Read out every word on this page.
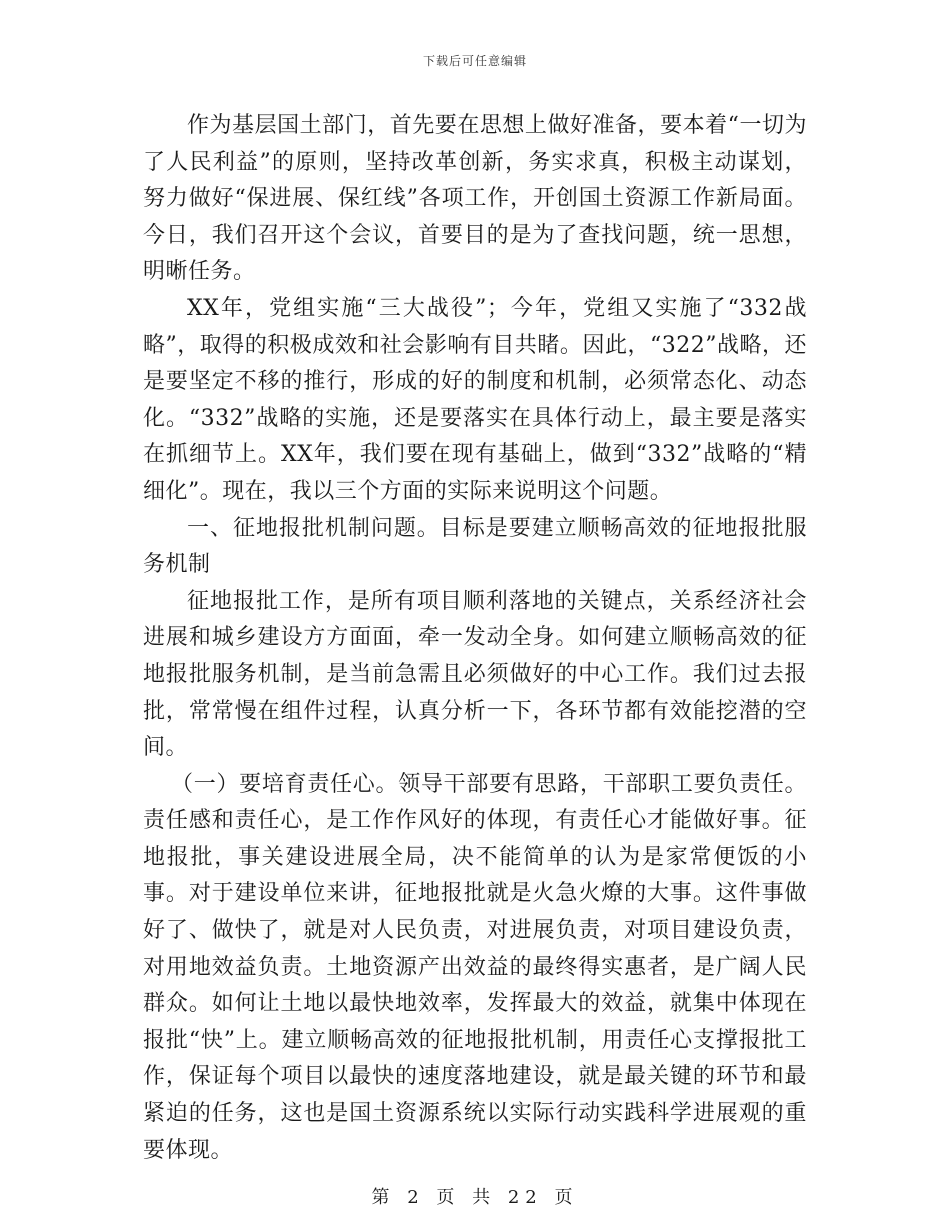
下载后可任意编辑

作为基层国土部门，首先要在思想上做好准备，要本着“一切为了人民利益”的原则，坚持改革创新，务实求真，积极主动谋划，努力做好“保进展、保红线”各项工作，开创国土资源工作新局面。今日，我们召开这个会议，首要目的是为了查找问题，统一思想，明晰任务。

XX年，党组实施“三大战役”；今年，党组又实施了“332战略”，取得的积极成效和社会影响有目共睹。因此，“322”战略，还是要坚定不移的推行，形成的好的制度和机制，必须常态化、动态化。“332”战略的实施，还是要落实在具体行动上，最主要是落实在抓细节上。XX年，我们要在现有基础上，做到“332”战略的“精细化”。现在，我以三个方面的实际来说明这个问题。

一、征地报批机制问题。目标是要建立顺畅高效的征地报批服务机制

征地报批工作，是所有项目顺利落地的关键点，关系经济社会进展和城乡建设方方面面，牵一发动全身。如何建立顺畅高效的征地报批服务机制，是当前急需且必须做好的中心工作。我们过去报批，常常慢在组件过程，认真分析一下，各环节都有效能挖潜的空间。

（一）要培育责任心。领导干部要有思路，干部职工要负责任。责任感和责任心，是工作作风好的体现，有责任心才能做好事。征地报批，事关建设进展全局，决不能简单的认为是家常便饭的小事。对于建设单位来讲，征地报批就是火急火燎的大事。这件事做好了、做快了，就是对人民负责，对进展负责，对项目建设负责，对用地效益负责。土地资源产出效益的最终得实惠者，是广阔人民群众。如何让土地以最快地效率，发挥最大的效益，就集中体现在报批“快”上。建立顺畅高效的征地报批机制，用责任心支撑报批工作，保证每个项目以最快的速度落地建设，就是最关键的环节和最紧迫的任务，这也是国土资源系统以实际行动实践科学进展观的重要体现。

第 2 页 共 22 页
